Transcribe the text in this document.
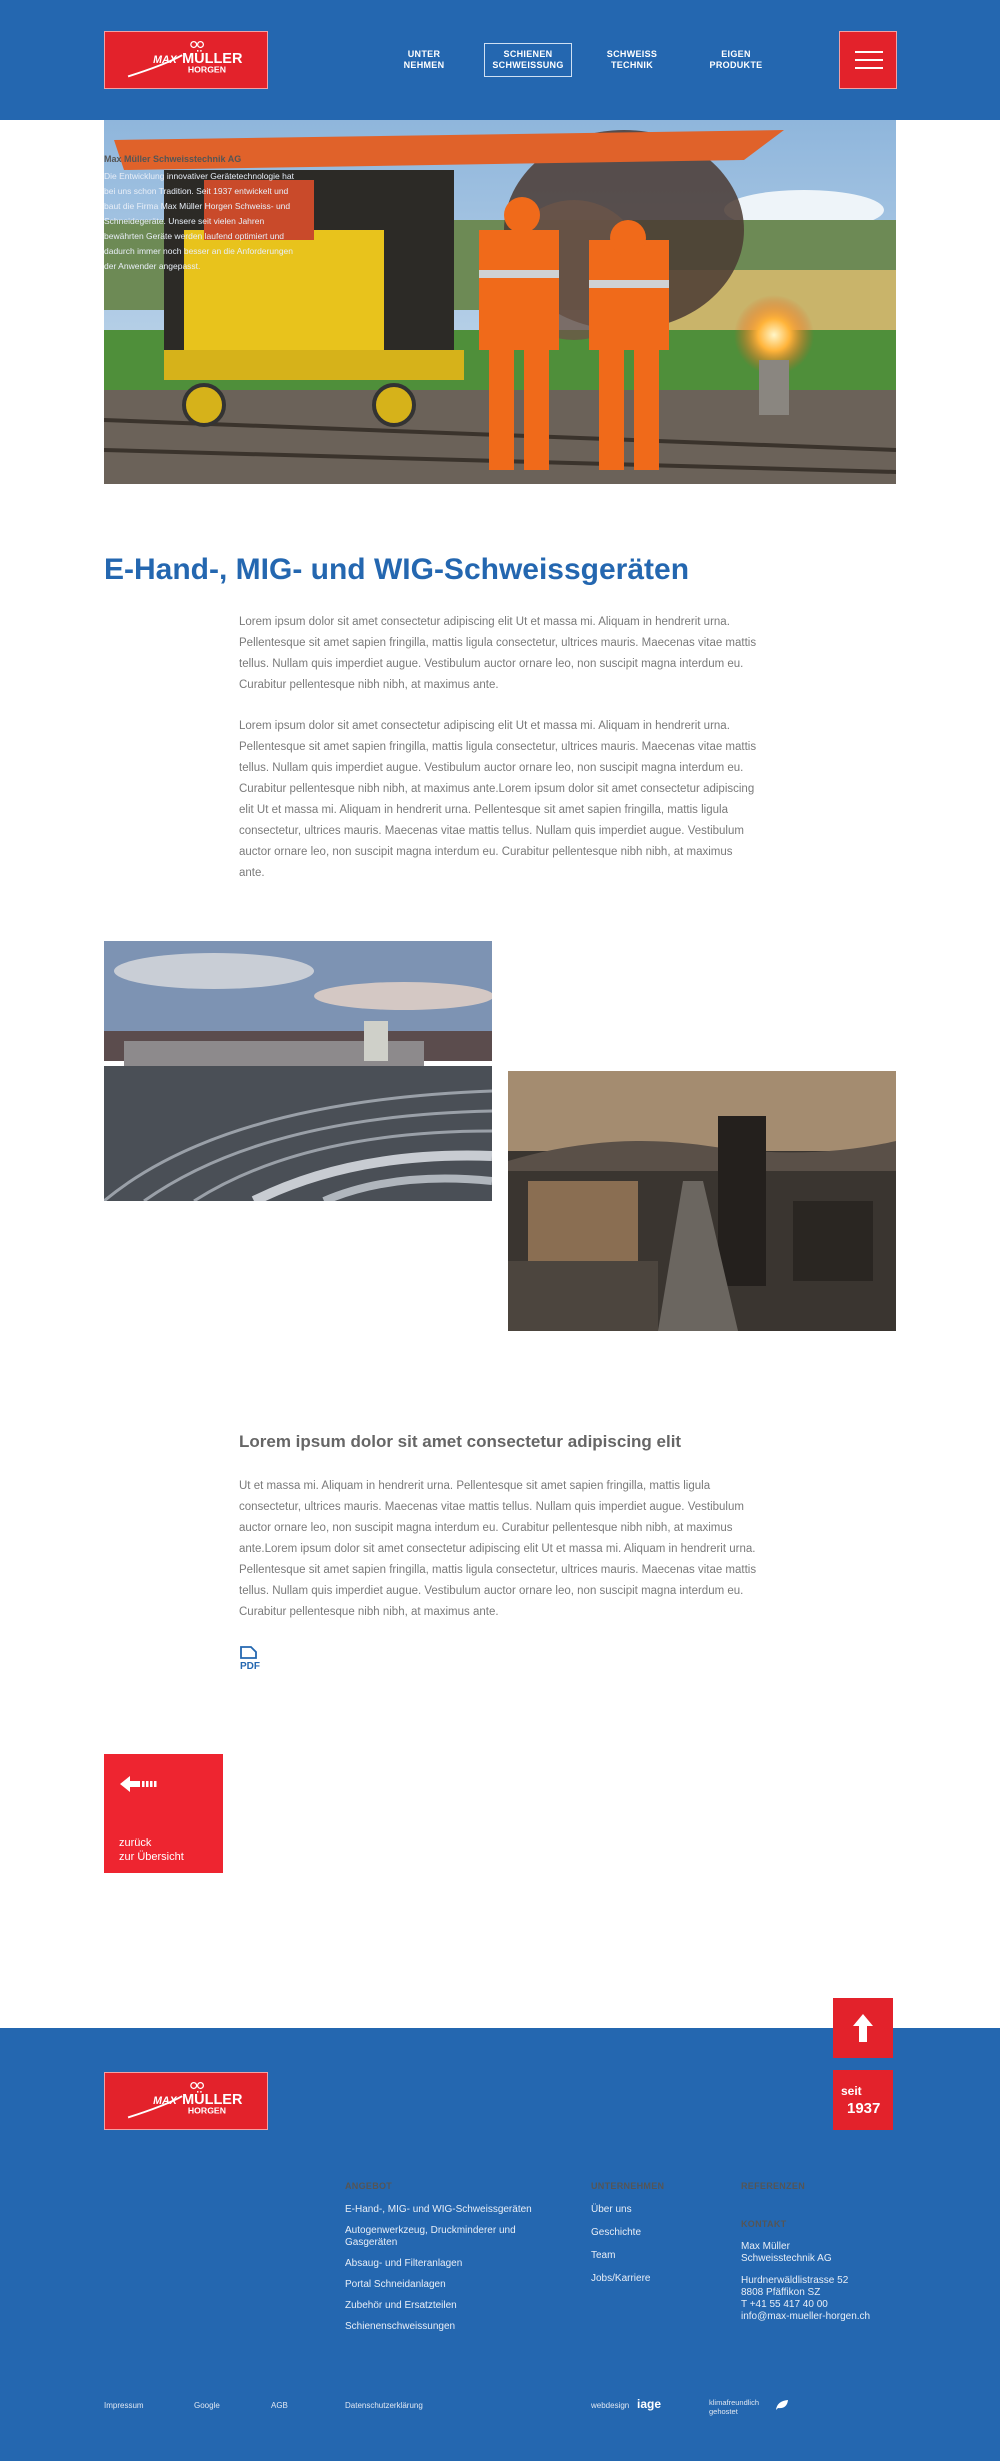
MAX MÜLLER
HORGEN
UNTER
NEHMEN
SCHIENEN
SCHWEISSUNG
SCHWEISS
TECHNIK
EIGEN
PRODUKTE
E-Hand-, MIG- und WIG-Schweissgeräten

Lorem ipsum dolor sit amet consectetur adipiscing elit Ut et massa mi. Aliquam in hendrerit urna. Pellentesque sit amet sapien fringilla, mattis ligula consectetur, ultrices mauris. Maecenas vitae mattis tellus. Nullam quis imperdiet augue. Vestibulum auctor ornare leo, non suscipit magna interdum eu. Curabitur pellentesque nibh nibh, at maximus ante.

Lorem ipsum dolor sit amet consectetur adipiscing elit Ut et massa mi. Aliquam in hendrerit urna. Pellentesque sit amet sapien fringilla, mattis ligula consectetur, ultrices mauris. Maecenas vitae mattis tellus. Nullam quis imperdiet augue. Vestibulum auctor ornare leo, non suscipit magna interdum eu. Curabitur pellentesque nibh nibh, at maximus ante.Lorem ipsum dolor sit amet consectetur adipiscing elit Ut et massa mi. Aliquam in hendrerit urna. Pellentesque sit amet sapien fringilla, mattis ligula consectetur, ultrices mauris. Maecenas vitae mattis tellus. Nullam quis imperdiet augue. Vestibulum auctor ornare leo, non suscipit magna interdum eu. Curabitur pellentesque nibh nibh, at maximus ante.

Lorem ipsum dolor sit amet consectetur adipiscing elit

Ut et massa mi. Aliquam in hendrerit urna. Pellentesque sit amet sapien fringilla, mattis ligula consectetur, ultrices mauris. Maecenas vitae mattis tellus. Nullam quis imperdiet augue. Vestibulum auctor ornare leo, non suscipit magna interdum eu. Curabitur pellentesque nibh nibh, at maximus ante.Lorem ipsum dolor sit amet consectetur adipiscing elit Ut et massa mi. Aliquam in hendrerit urna. Pellentesque sit amet sapien fringilla, mattis ligula consectetur, ultrices mauris. Maecenas vitae mattis tellus. Nullam quis imperdiet augue. Vestibulum auctor ornare leo, non suscipit magna interdum eu. Curabitur pellentesque nibh nibh, at maximus ante.

PDF
zurück
zur Übersicht
MAX MÜLLER
HORGEN
seit
1937
Max Müller Schweisstechnik AG
Die Entwicklung innovativer Gerätetechnologie hat bei uns schon Tradition. Seit 1937 entwickelt und baut die Firma Max Müller Horgen Schweiss- und Schneidegeräte. Unsere seit vielen Jahren bewährten Geräte werden laufend optimiert und dadurch immer noch besser an die Anforderungen der Anwender angepasst.
ANGEBOT
E-Hand-, MIG- und WIG-Schweissgeräten
Autogenwerkzeug, Druckminderer und Gasgeräten
Absaug- und Filteranlagen
Portal Schneidanlagen
Zubehör und Ersatzteilen
Schienenschweissungen
UNTERNEHMEN
Über uns
Geschichte
Team
Jobs/Karriere
REFERENZEN
KONTAKT
Max Müller
Schweisstechnik AG
Hurdnerwäldlistrasse 52
8808 Pfäffikon SZ
T +41 55 417 40 00
info@max-mueller-horgen.ch
Impressum	Google	AGB	Datenschutzerklärung	webdesign iage	klimafreundlich
gehostet
